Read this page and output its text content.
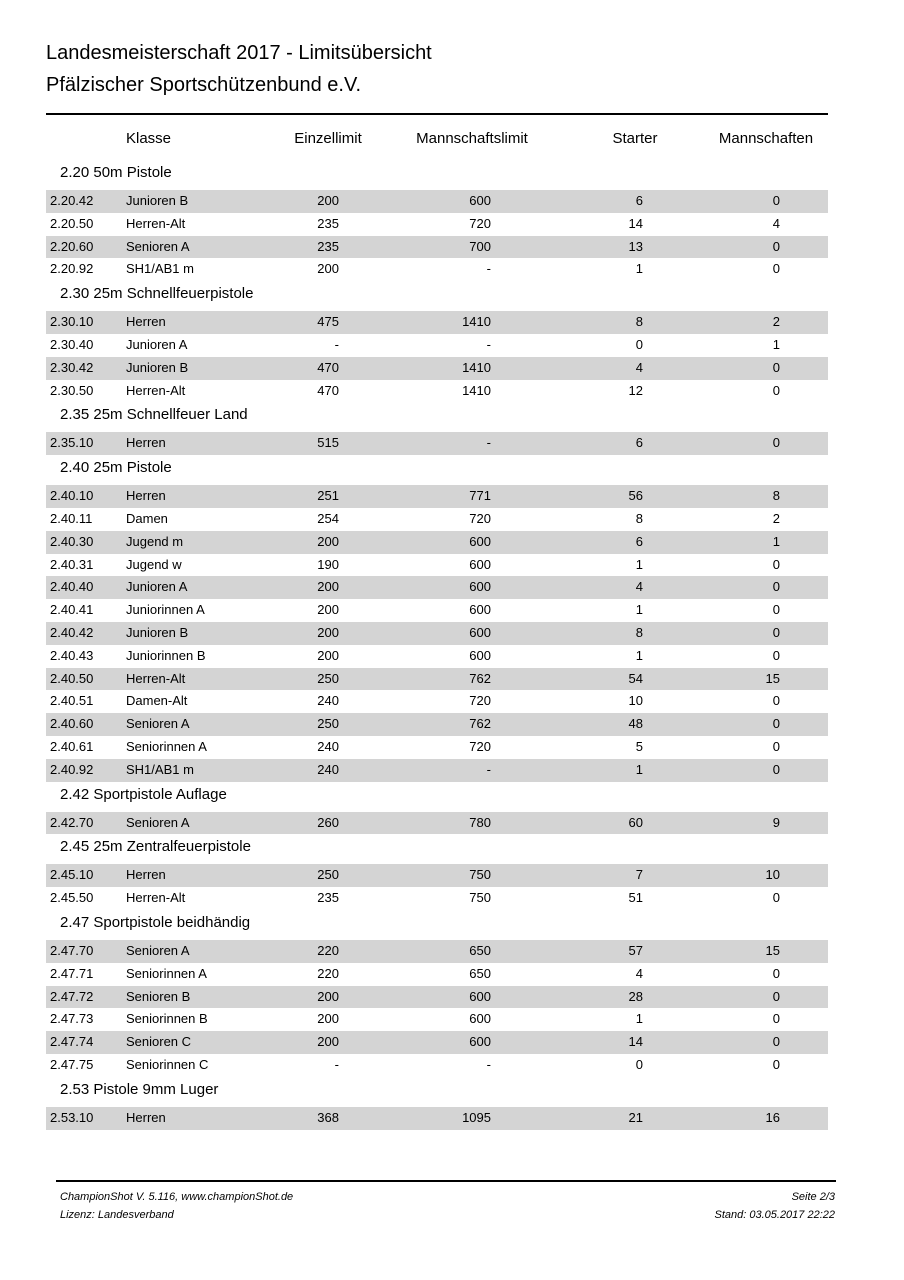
Landesmeisterschaft 2017 - Limitsübersicht
Pfälzischer Sportschützenbund e.V.
Klasse	Einzellimit	Mannschaftslimit	Starter	Mannschaften
2.20 50m Pistole
2.20.42	Junioren B	200	600	6	0
2.20.50	Herren-Alt	235	720	14	4
2.20.60	Senioren A	235	700	13	0
2.20.92	SH1/AB1 m	200	-	1	0
2.30 25m Schnellfeuerpistole
2.30.10	Herren	475	1410	8	2
2.30.40	Junioren A	-	-	0	1
2.30.42	Junioren B	470	1410	4	0
2.30.50	Herren-Alt	470	1410	12	0
2.35 25m Schnellfeuer Land
2.35.10	Herren	515	-	6	0
2.40 25m Pistole
2.40.10	Herren	251	771	56	8
2.40.11	Damen	254	720	8	2
2.40.30	Jugend m	200	600	6	1
2.40.31	Jugend w	190	600	1	0
2.40.40	Junioren A	200	600	4	0
2.40.41	Juniorinnen A	200	600	1	0
2.40.42	Junioren B	200	600	8	0
2.40.43	Juniorinnen B	200	600	1	0
2.40.50	Herren-Alt	250	762	54	15
2.40.51	Damen-Alt	240	720	10	0
2.40.60	Senioren A	250	762	48	0
2.40.61	Seniorinnen A	240	720	5	0
2.40.92	SH1/AB1 m	240	-	1	0
2.42 Sportpistole Auflage
2.42.70	Senioren A	260	780	60	9
2.45 25m Zentralfeuerpistole
2.45.10	Herren	250	750	7	10
2.45.50	Herren-Alt	235	750	51	0
2.47 Sportpistole beidhändig
2.47.70	Senioren A	220	650	57	15
2.47.71	Seniorinnen A	220	650	4	0
2.47.72	Senioren B	200	600	28	0
2.47.73	Seniorinnen B	200	600	1	0
2.47.74	Senioren C	200	600	14	0
2.47.75	Seniorinnen C	-	-	0	0
2.53 Pistole 9mm Luger
2.53.10	Herren	368	1095	21	16
ChampionShot V. 5.116, www.championShot.de
Lizenz: Landesverband
Seite 2/3
Stand: 03.05.2017 22:22
